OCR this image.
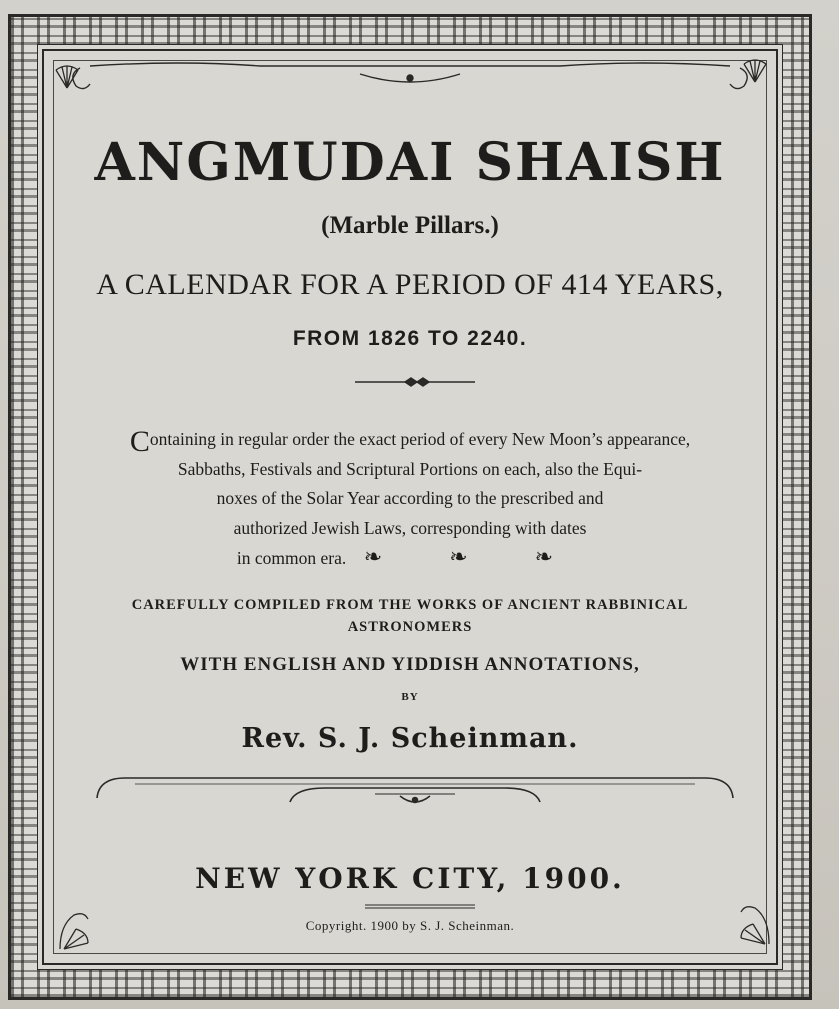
ANGMUDAI SHAISH
(Marble Pillars.)
A CALENDAR FOR A PERIOD OF 414 YEARS,
FROM 1826 TO 2240.
Containing in regular order the exact period of every New Moon’s appearance,
Sabbaths, Festivals and Scriptural Portions on each, also the Equi-
noxes of the Solar Year according to the prescribed and
authorized Jewish Laws, corresponding with dates
in common era. ❧ ❧ ❧
CAREFULLY COMPILED FROM THE WORKS OF ANCIENT RABBINICAL
ASTRONOMERS
WITH ENGLISH AND YIDDISH ANNOTATIONS,
BY
Rev. S. J. Scheinman.
NEW YORK CITY, 1900.
Copyright. 1900 by S. J. Scheinman.
